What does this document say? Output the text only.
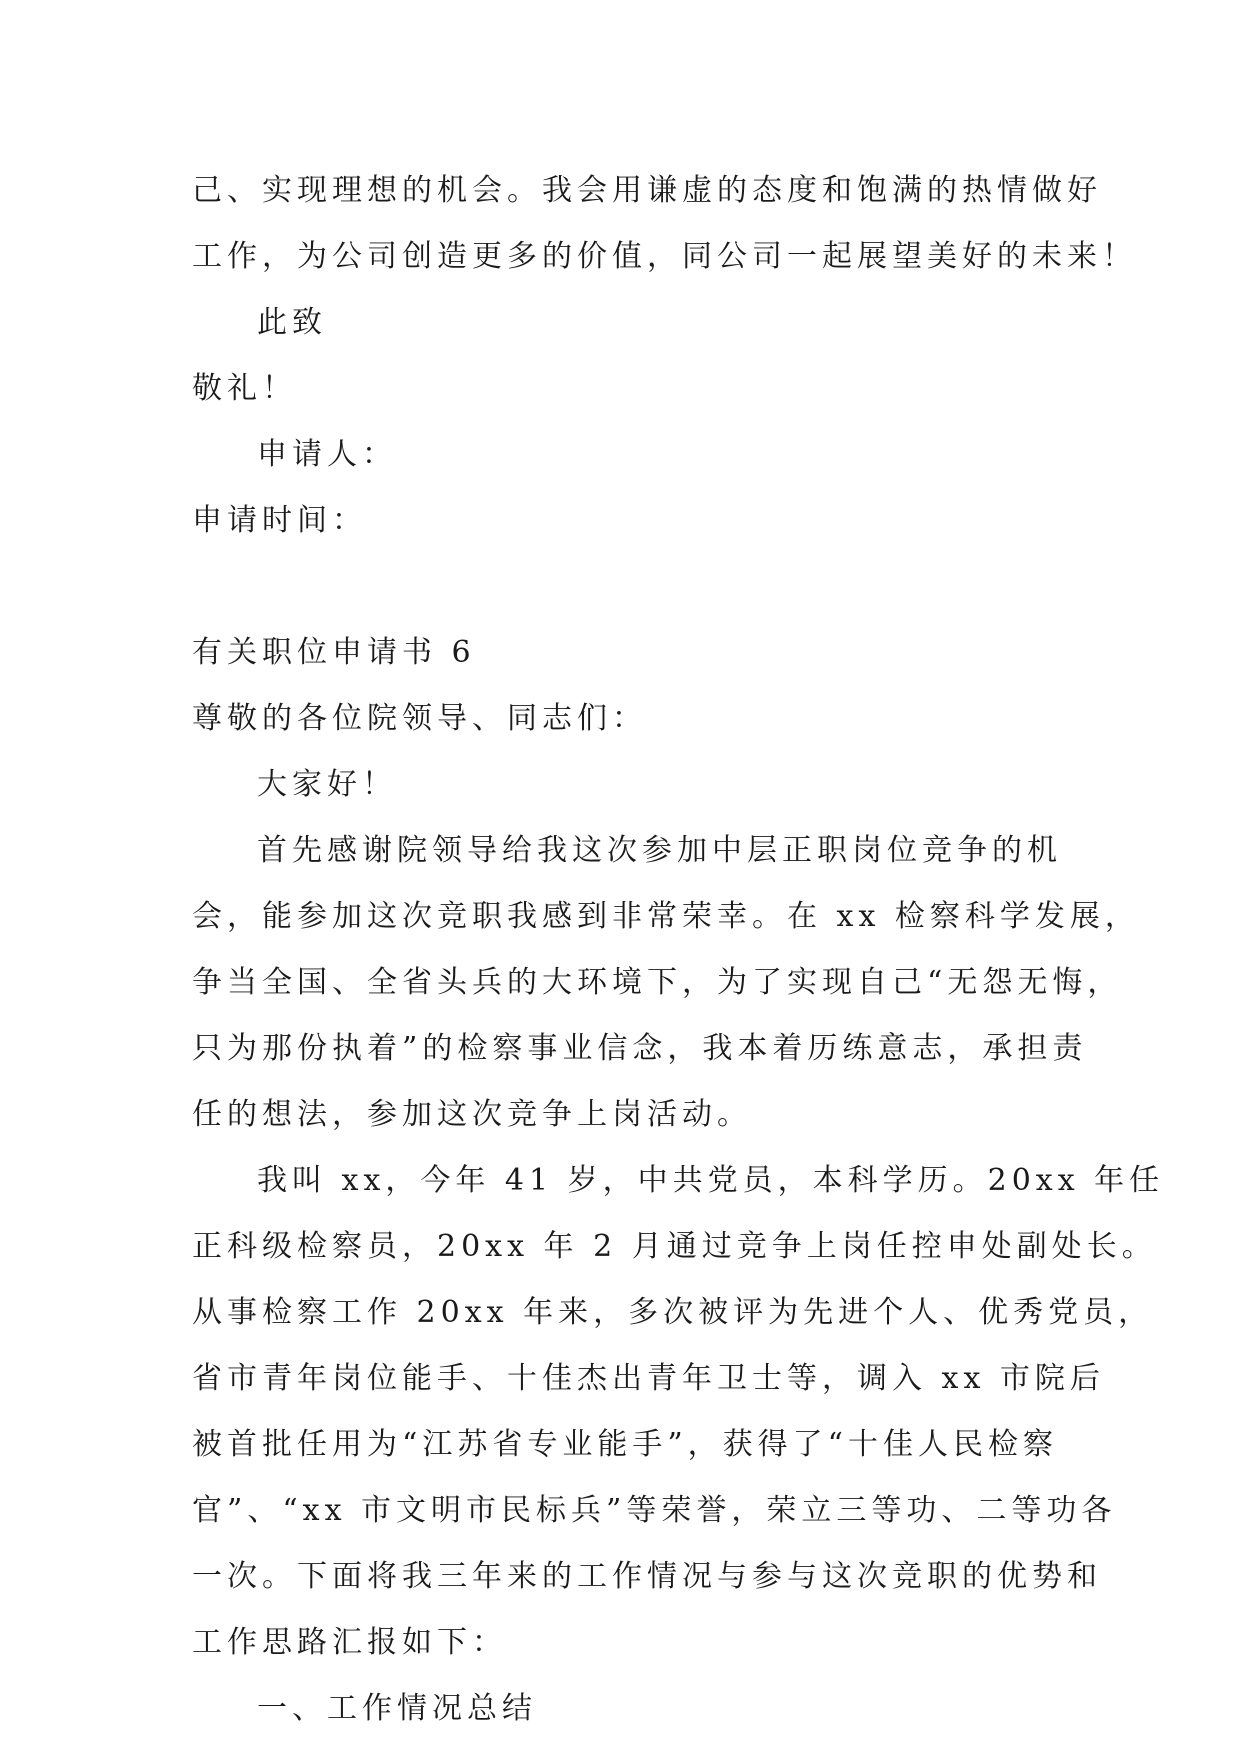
己、实现理想的机会。我会用谦虚的态度和饱满的热情做好
工作，为公司创造更多的价值，同公司一起展望美好的未来！
此致
敬礼！
申请人：
申请时间：
有关职位申请书 6
尊敬的各位院领导、同志们：
大家好！
首先感谢院领导给我这次参加中层正职岗位竞争的机
会，能参加这次竞职我感到非常荣幸。在 xx 检察科学发展，
争当全国、全省头兵的大环境下，为了实现自己“无怨无悔，
只为那份执着”的检察事业信念，我本着历练意志，承担责
任的想法，参加这次竞争上岗活动。
我叫 xx，今年 41 岁，中共党员，本科学历。20xx 年任
正科级检察员，20xx 年 2 月通过竞争上岗任控申处副处长。
从事检察工作 20xx 年来，多次被评为先进个人、优秀党员，
省市青年岗位能手、十佳杰出青年卫士等，调入 xx 市院后
被首批任用为“江苏省专业能手”，获得了“十佳人民检察
官”、“xx 市文明市民标兵”等荣誉，荣立三等功、二等功各
一次。下面将我三年来的工作情况与参与这次竞职的优势和
工作思路汇报如下：
一、工作情况总结
